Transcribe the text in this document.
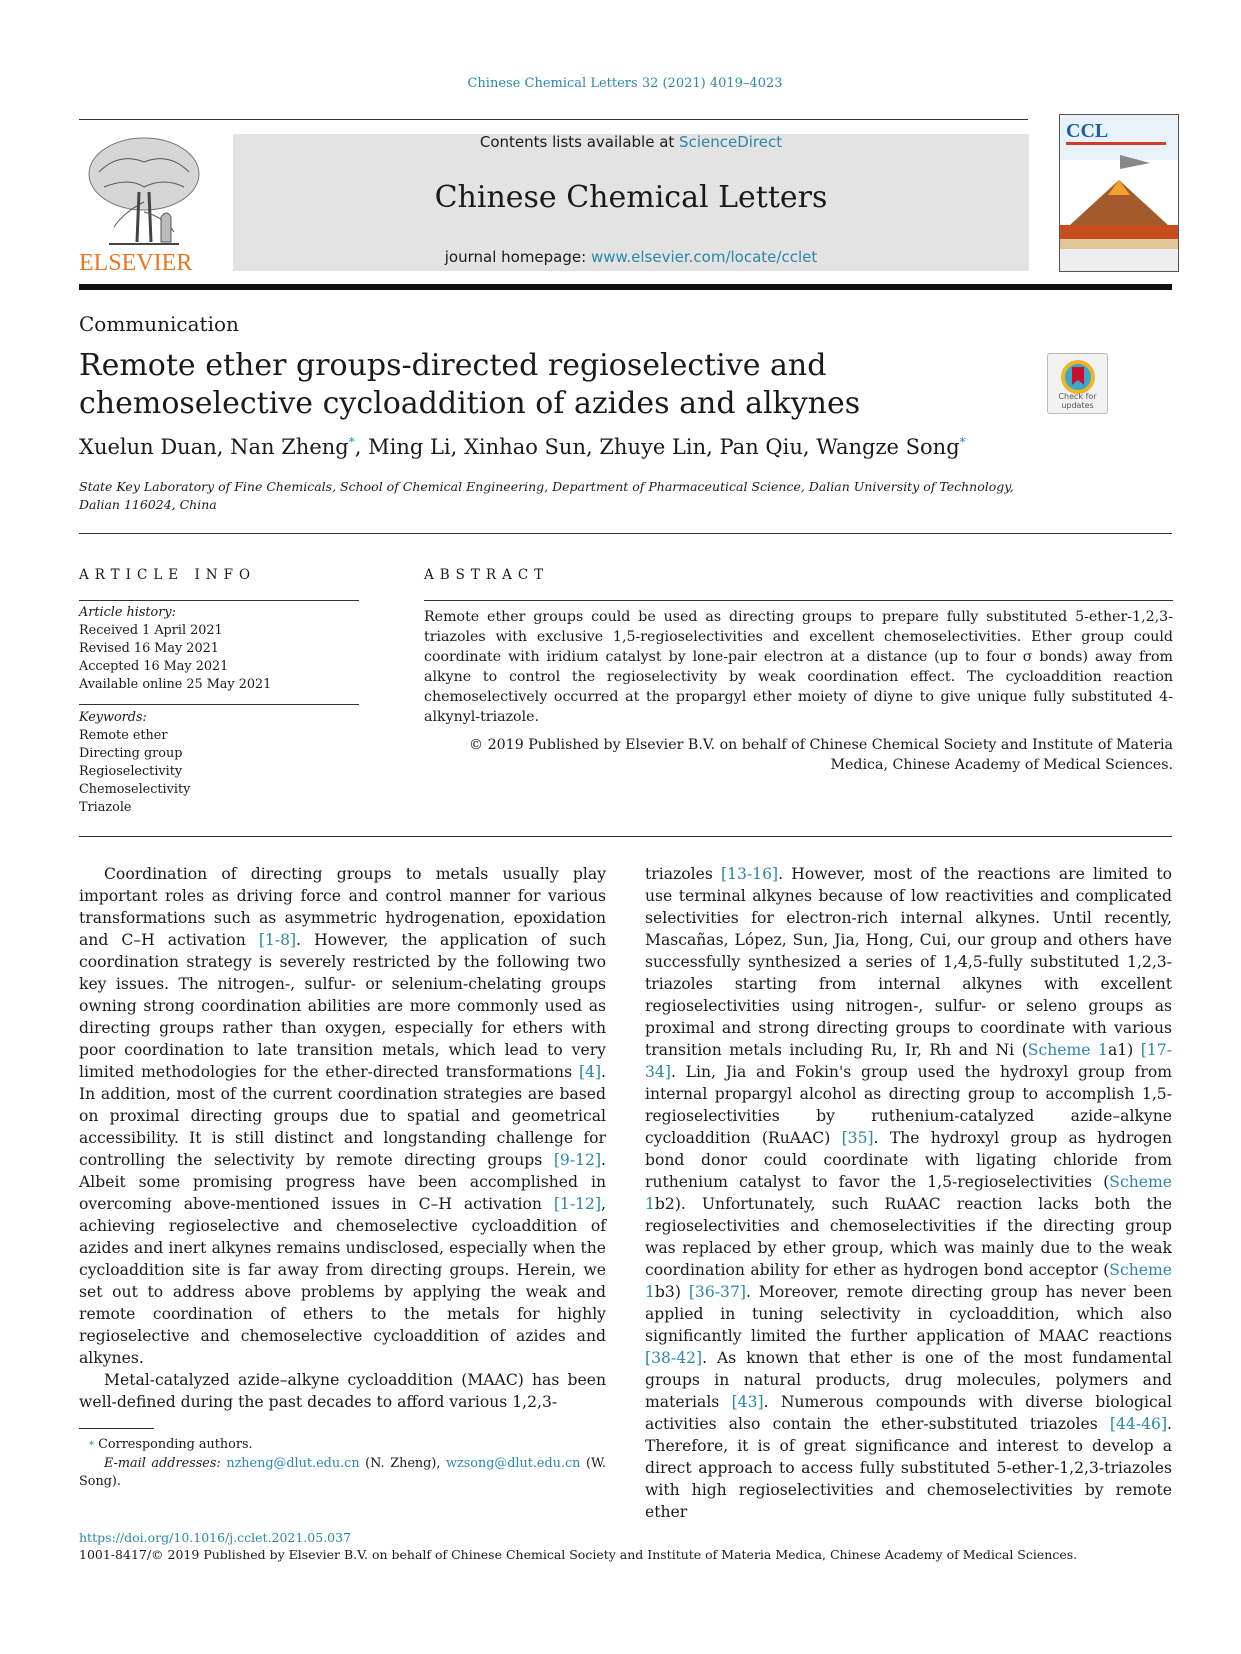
Chinese Chemical Letters 32 (2021) 4019–4023
ELSEVIER
Contents lists available at ScienceDirect
Chinese Chemical Letters
journal homepage: www.elsevier.com/locate/cclet
CCL
Communication
Remote ether groups-directed regioselective and chemoselective cycloaddition of azides and alkynes	Check for updates
Xuelun Duan, Nan Zheng*, Ming Li, Xinhao Sun, Zhuye Lin, Pan Qiu, Wangze Song*
State Key Laboratory of Fine Chemicals, School of Chemical Engineering, Department of Pharmaceutical Science, Dalian University of Technology, Dalian 116024, China
ARTICLE INFO
Article history:
Received 1 April 2021
Revised 16 May 2021
Accepted 16 May 2021
Available online 25 May 2021
Keywords:
Remote ether
Directing group
Regioselectivity
Chemoselectivity
Triazole
ABSTRACT

Remote ether groups could be used as directing groups to prepare fully substituted 5-ether-1,2,3-triazoles with exclusive 1,5-regioselectivities and excellent chemoselectivities. Ether group could coordinate with iridium catalyst by lone-pair electron at a distance (up to four σ bonds) away from alkyne to control the regioselectivity by weak coordination effect. The cycloaddition reaction chemoselectively occurred at the propargyl ether moiety of diyne to give unique fully substituted 4-alkynyl-triazole.

© 2019 Published by Elsevier B.V. on behalf of Chinese Chemical Society and Institute of Materia Medica, Chinese Academy of Medical Sciences.

Coordination of directing groups to metals usually play important roles as driving force and control manner for various transformations such as asymmetric hydrogenation, epoxidation and C–H activation [1-8]. However, the application of such coordination strategy is severely restricted by the following two key issues. The nitrogen-, sulfur- or selenium-chelating groups owning strong coordination abilities are more commonly used as directing groups rather than oxygen, especially for ethers with poor coordination to late transition metals, which lead to very limited methodologies for the ether-directed transformations [4]. In addition, most of the current coordination strategies are based on proximal directing groups due to spatial and geometrical accessibility. It is still distinct and longstanding challenge for controlling the selectivity by remote directing groups [9-12]. Albeit some promising progress have been accomplished in overcoming above-mentioned issues in C–H activation [1-12], achieving regioselective and chemoselective cycloaddition of azides and inert alkynes remains undisclosed, especially when the cycloaddition site is far away from directing groups. Herein, we set out to address above problems by applying the weak and remote coordination of ethers to the metals for highly regioselective and chemoselective cycloaddition of azides and alkynes.

Metal-catalyzed azide–alkyne cycloaddition (MAAC) has been well-defined during the past decades to afford various 1,2,3-

triazoles [13-16]. However, most of the reactions are limited to use terminal alkynes because of low reactivities and complicated selectivities for electron-rich internal alkynes. Until recently, Mascañas, López, Sun, Jia, Hong, Cui, our group and others have successfully synthesized a series of 1,4,5-fully substituted 1,2,3-triazoles starting from internal alkynes with excellent regioselectivities using nitrogen-, sulfur- or seleno groups as proximal and strong directing groups to coordinate with various transition metals including Ru, Ir, Rh and Ni (Scheme 1a1) [17-34]. Lin, Jia and Fokin's group used the hydroxyl group from internal propargyl alcohol as directing group to accomplish 1,5-regioselectivities by ruthenium-catalyzed azide–alkyne cycloaddition (RuAAC) [35]. The hydroxyl group as hydrogen bond donor could coordinate with ligating chloride from ruthenium catalyst to favor the 1,5-regioselectivities (Scheme 1b2). Unfortunately, such RuAAC reaction lacks both the regioselectivities and chemoselectivities if the directing group was replaced by ether group, which was mainly due to the weak coordination ability for ether as hydrogen bond acceptor (Scheme 1b3) [36-37]. Moreover, remote directing group has never been applied in tuning selectivity in cycloaddition, which also significantly limited the further application of MAAC reactions [38-42]. As known that ether is one of the most fundamental groups in natural products, drug molecules, polymers and materials [43]. Numerous compounds with diverse biological activities also contain the ether-substituted triazoles [44-46]. Therefore, it is of great significance and interest to develop a direct approach to access fully substituted 5-ether-1,2,3-triazoles with high regioselectivities and chemoselectivities by remote ether

* Corresponding authors.

E-mail addresses: nzheng@dlut.edu.cn (N. Zheng), wzsong@dlut.edu.cn (W. Song).

https://doi.org/10.1016/j.cclet.2021.05.037
1001-8417/© 2019 Published by Elsevier B.V. on behalf of Chinese Chemical Society and Institute of Materia Medica, Chinese Academy of Medical Sciences.
